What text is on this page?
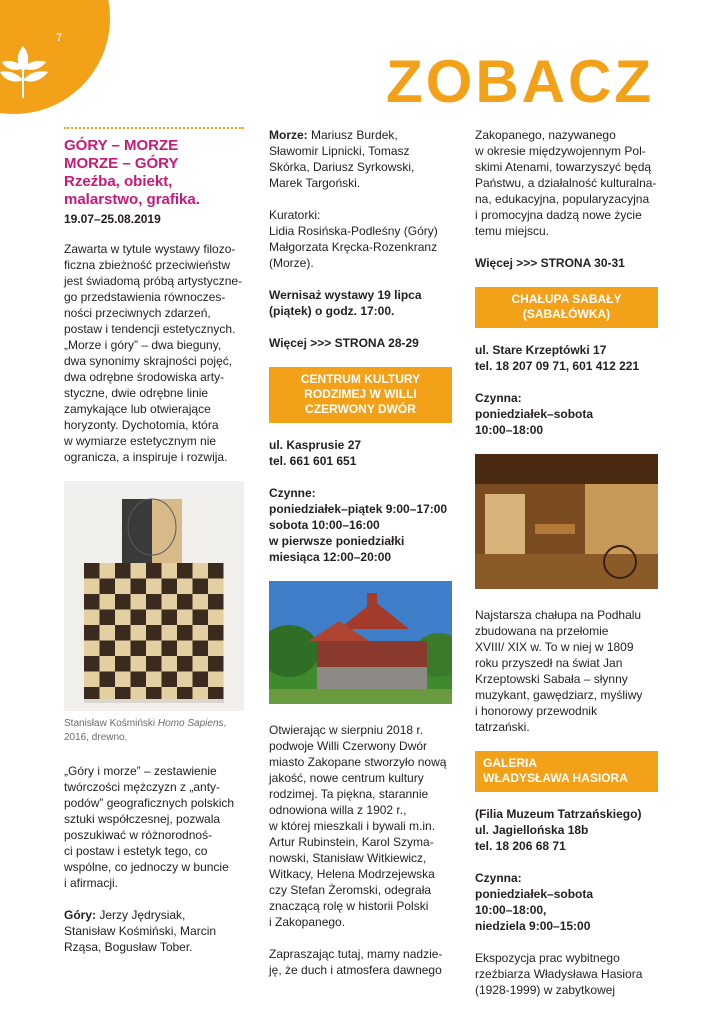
7
ZOBACZ
GÓRY – MORZE
MORZE – GÓRY
Rzeźba, obiekt,
malarstwo, grafika.
19.07–25.08.2019

Zawarta w tytule wystawy filozo-
ficzna zbieżność przeciwieństw
jest świadomą próbą artystyczne-
go przedstawienia równoczes-
ności przeciwnych zdarzeń,
postaw i tendencji estetycznych.
„Morze i góry” – dwa bieguny,
dwa synonimy skrajności pojęć,
dwa odrębne środowiska arty-
styczne, dwie odrębne linie
zamykające lub otwierające
horyzonty. Dychotomia, która
w wymiarze estetycznym nie
ogranicza, a inspiruje i rozwija.

Stanisław Kośmiński Homo Sapiens,
2016, drewno.

„Góry i morze” – zestawienie
twórczości mężczyzn z „anty-
podów” geograficznych polskich
sztuki współczesnej, pozwala
poszukiwać w różnorodnoś-
ci postaw i estetyk tego, co
wspólne, co jednoczy w buncie
i afirmacji.

Góry: Jerzy Jędrysiak,
Stanisław Kośmiński, Marcin
Rząsa, Bogusław Tober.

Morze: Mariusz Burdek,
Sławomir Lipnicki, Tomasz
Skórka, Dariusz Syrkowski,
Marek Targoński.

Kuratorki:
Lidia Rosińska-Podleśny (Góry)
Małgorzata Kręcka-Rozenkranz
(Morze).

Wernisaż wystawy 19 lipca
(piątek) o godz. 17:00.

Więcej >>> STRONA 28-29

CENTRUM KULTURY
RODZIMEJ W WILLI
CZERWONY DWÓR

ul. Kasprusie 27
tel. 661 601 651

Czynne:
poniedziałek–piątek 9:00–17:00
sobota 10:00–16:00
w pierwsze poniedziałki
miesiąca 12:00–20:00

Otwierając w sierpniu 2018 r.
podwoje Willi Czerwony Dwór
miasto Zakopane stworzyło nową
jakość, nowe centrum kultury
rodzimej. Ta piękna, starannie
odnowiona willa z 1902 r.,
w której mieszkali i bywali m.in.
Artur Rubinstein, Karol Szyma-
nowski, Stanisław Witkiewicz,
Witkacy, Helena Modrzejewska
czy Stefan Żeromski, odegrała
znaczącą rolę w historii Polski
i Zakopanego.

Zapraszając tutaj, mamy nadzie-
ję, że duch i atmosfera dawnego

Zakopanego, nazywanego
w okresie międzywojennym Pol-
skimi Atenami, towarzyszyć będą
Państwu, a działalność kulturalna-
na, edukacyjna, popularyzacyjna
i promocyjna dadzą nowe życie
temu miejscu.

Więcej >>> STRONA 30-31

CHAŁUPA SABAŁY
(SABAŁÓWKA)

ul. Stare Krzeptówki 17
tel. 18 207 09 71, 601 412 221

Czynna:
poniedziałek–sobota
10:00–18:00

Najstarsza chałupa na Podhalu
zbudowana na przełomie
XVIII/ XIX w. To w niej w 1809
roku przyszedł na świat Jan
Krzeptowski Sabała – słynny
muzykant, gawędziarz, myśliwy
i honorowy przewodnik
tatrzański.

GALERIA
WŁADYSŁAWA HASIORA

(Filia Muzeum Tatrzańskiego)
ul. Jagiellońska 18b
tel. 18 206 68 71

Czynna:
poniedziałek–sobota
10:00–18:00,
niedziela 9:00–15:00

Ekspozycja prac wybitnego
rzeźbiarza Władysława Hasiora
(1928-1999) w zabytkowej
